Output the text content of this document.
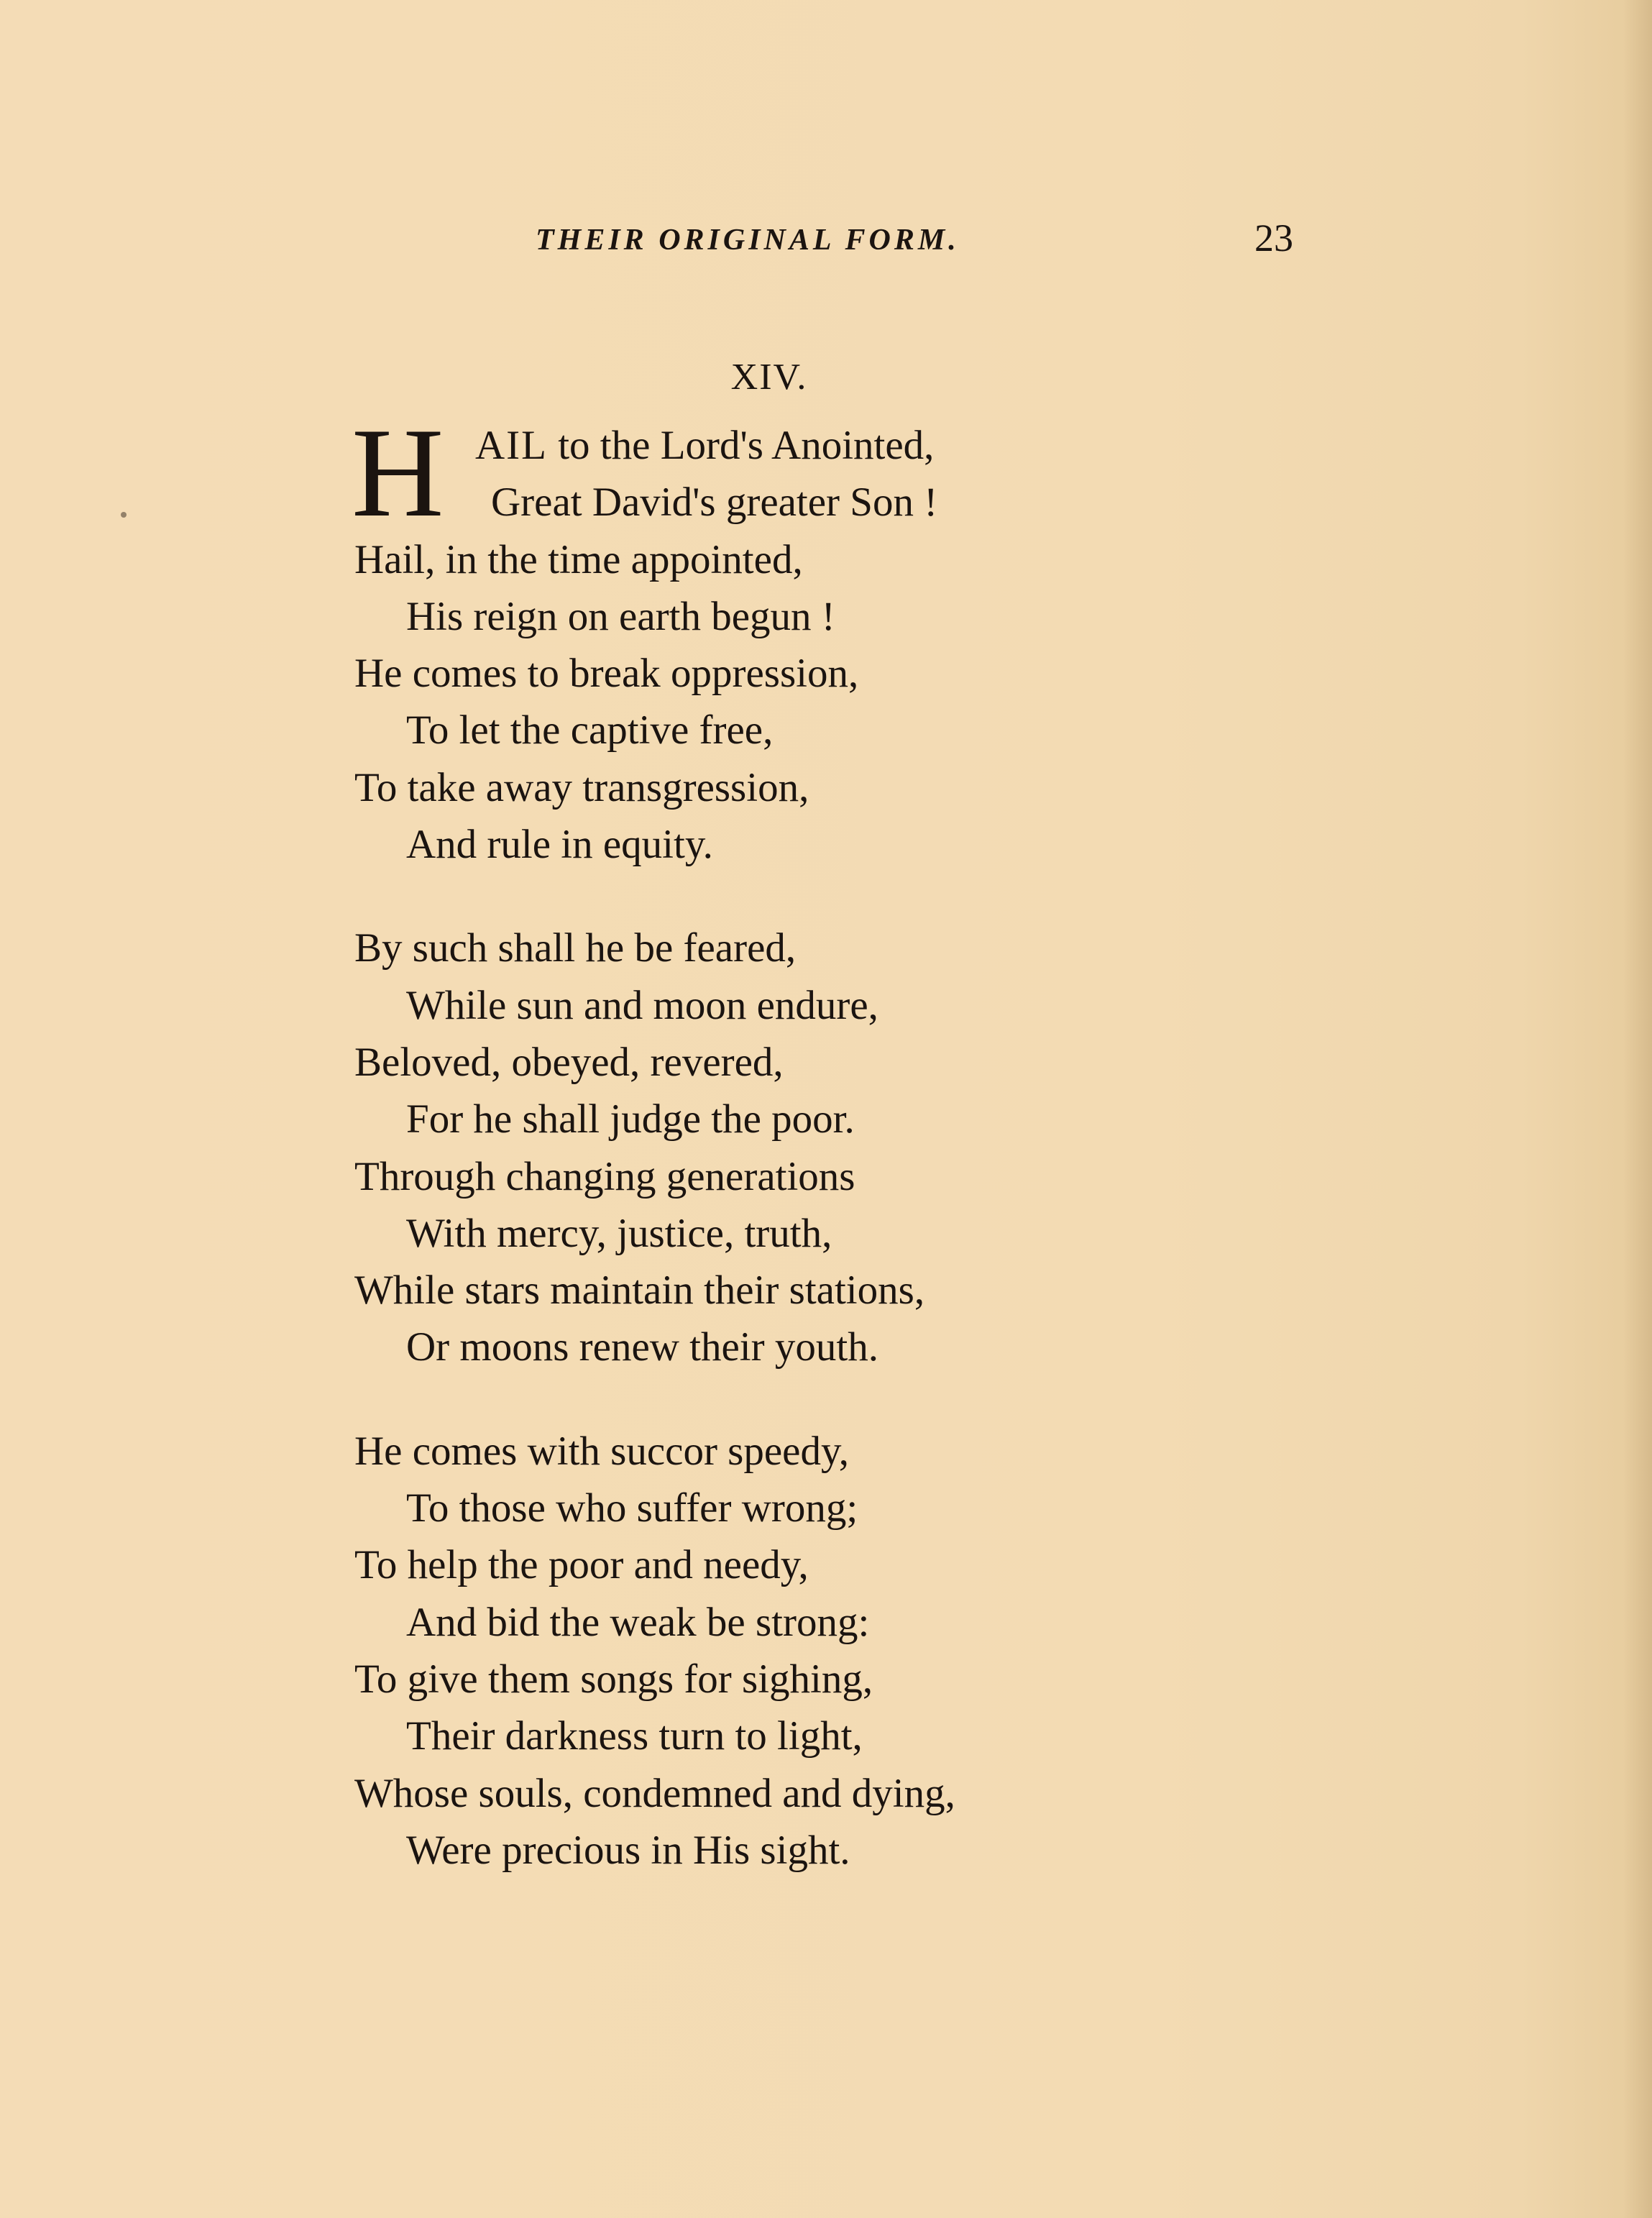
THEIR ORIGINAL FORM.	23
XIV.
H AIL to the Lord's Anointed,
Great David's greater Son !
Hail, in the time appointed,
His reign on earth begun !
He comes to break oppression,
To let the captive free,
To take away transgression,
And rule in equity.
By such shall he be feared,
While sun and moon endure,
Beloved, obeyed, revered,
For he shall judge the poor.
Through changing generations
With mercy, justice, truth,
While stars maintain their stations,
Or moons renew their youth.
He comes with succor speedy,
To those who suffer wrong;
To help the poor and needy,
And bid the weak be strong:
To give them songs for sighing,
Their darkness turn to light,
Whose souls, condemned and dying,
Were precious in His sight.
